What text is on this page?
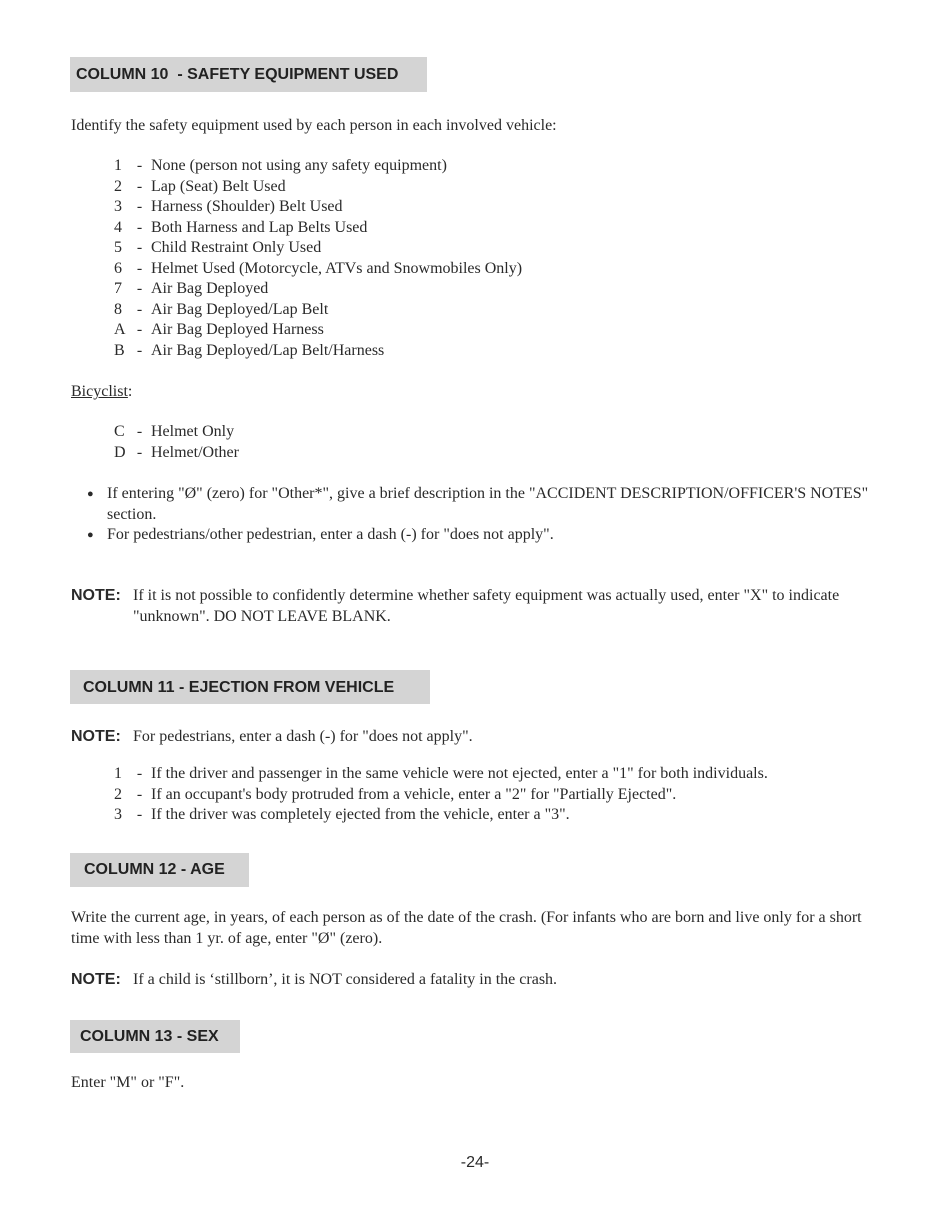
COLUMN 10  - SAFETY EQUIPMENT USED
Identify the safety equipment used by each person in each involved vehicle:
1 - None (person not using any safety equipment)
2 - Lap (Seat) Belt Used
3 - Harness (Shoulder) Belt Used
4 - Both Harness and Lap Belts Used
5 - Child Restraint Only Used
6 - Helmet Used (Motorcycle, ATVs and Snowmobiles Only)
7 - Air Bag Deployed
8 - Air Bag Deployed/Lap Belt
A - Air Bag Deployed Harness
B - Air Bag Deployed/Lap Belt/Harness
Bicyclist:
C - Helmet Only
D - Helmet/Other
● If entering "Ø" (zero) for "Other*", give a brief description in the "ACCIDENT DESCRIPTION/OFFICER'S NOTES" section.
● For pedestrians/other pedestrian, enter a dash (-) for "does not apply".
NOTE: If it is not possible to confidently determine whether safety equipment was actually used, enter "X" to indicate "unknown". DO NOT LEAVE BLANK.
COLUMN 11 - EJECTION FROM VEHICLE
NOTE: For pedestrians, enter a dash (-) for "does not apply".
1 - If the driver and passenger in the same vehicle were not ejected, enter a "1" for both individuals.
2 - If an occupant's body protruded from a vehicle, enter a "2" for "Partially Ejected".
3 - If the driver was completely ejected from the vehicle, enter a "3".
COLUMN 12 - AGE
Write the current age, in years, of each person as of the date of the crash. (For infants who are born and live only for a short time with less than 1 yr. of age, enter "Ø" (zero).
NOTE: If a child is ‘stillborn’, it is NOT considered a fatality in the crash.
COLUMN 13 - SEX
Enter "M" or "F".
-24-
